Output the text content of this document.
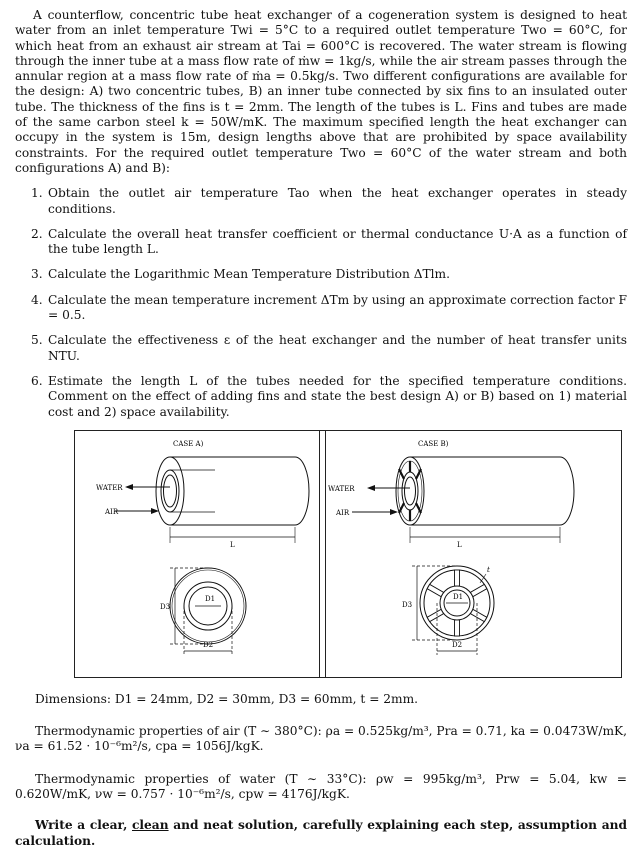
A counterflow, concentric tube heat exchanger of a cogeneration system is designed to heat water from an inlet temperature Twi = 5°C to a required outlet temperature Two = 60°C, for which heat from an exhaust air stream at Tai = 600°C is recovered. The water stream is flowing through the inner tube at a mass flow rate of ṁw = 1kg/s, while the air stream passes through the annular region at a mass flow rate of ṁa = 0.5kg/s. Two different configurations are available for the design: A) two concentric tubes, B) an inner tube connected by six fins to an insulated outer tube. The thickness of the fins is t = 2mm. The length of the tubes is L. Fins and tubes are made of the same carbon steel k = 50W/mK. The maximum specified length the heat exchanger can occupy in the system is 15m, design lengths above that are prohibited by space availability constraints. For the required outlet temperature Two = 60°C of the water stream and both configurations A) and B):

1. Obtain the outlet air temperature Tao when the heat exchanger operates in steady conditions.
2. Calculate the overall heat transfer coefficient or thermal conductance U·A as a function of the tube length L.
3. Calculate the Logarithmic Mean Temperature Distribution ΔTlm.
4. Calculate the mean temperature increment ΔTm by using an approximate correction factor F = 0.5.
5. Calculate the effectiveness ε of the heat exchanger and the number of heat transfer units NTU.
6. Estimate the length L of the tubes needed for the specified temperature conditions. Comment on the effect of adding fins and state the best design A) or B) based on 1) material cost and 2) space availability.
CASE A)
WATER
AIR
L
D1
D3
D2
CASE B)
WATER
AIR
L
D1
t
D3
D2
Dimensions: D1 = 24mm, D2 = 30mm, D3 = 60mm, t = 2mm.
Thermodynamic properties of air (T ∼ 380°C): ρa = 0.525kg/m³, Pra = 0.71, ka = 0.0473W/mK, νa = 61.52 · 10⁻⁶m²/s, cpa = 1056J/kgK.
Thermodynamic properties of water (T ∼ 33°C): ρw = 995kg/m³, Prw = 5.04, kw = 0.620W/mK, νw = 0.757 · 10⁻⁶m²/s, cpw = 4176J/kgK.
Write a clear, clean and neat solution, carefully explaining each step, assumption and calculation.
